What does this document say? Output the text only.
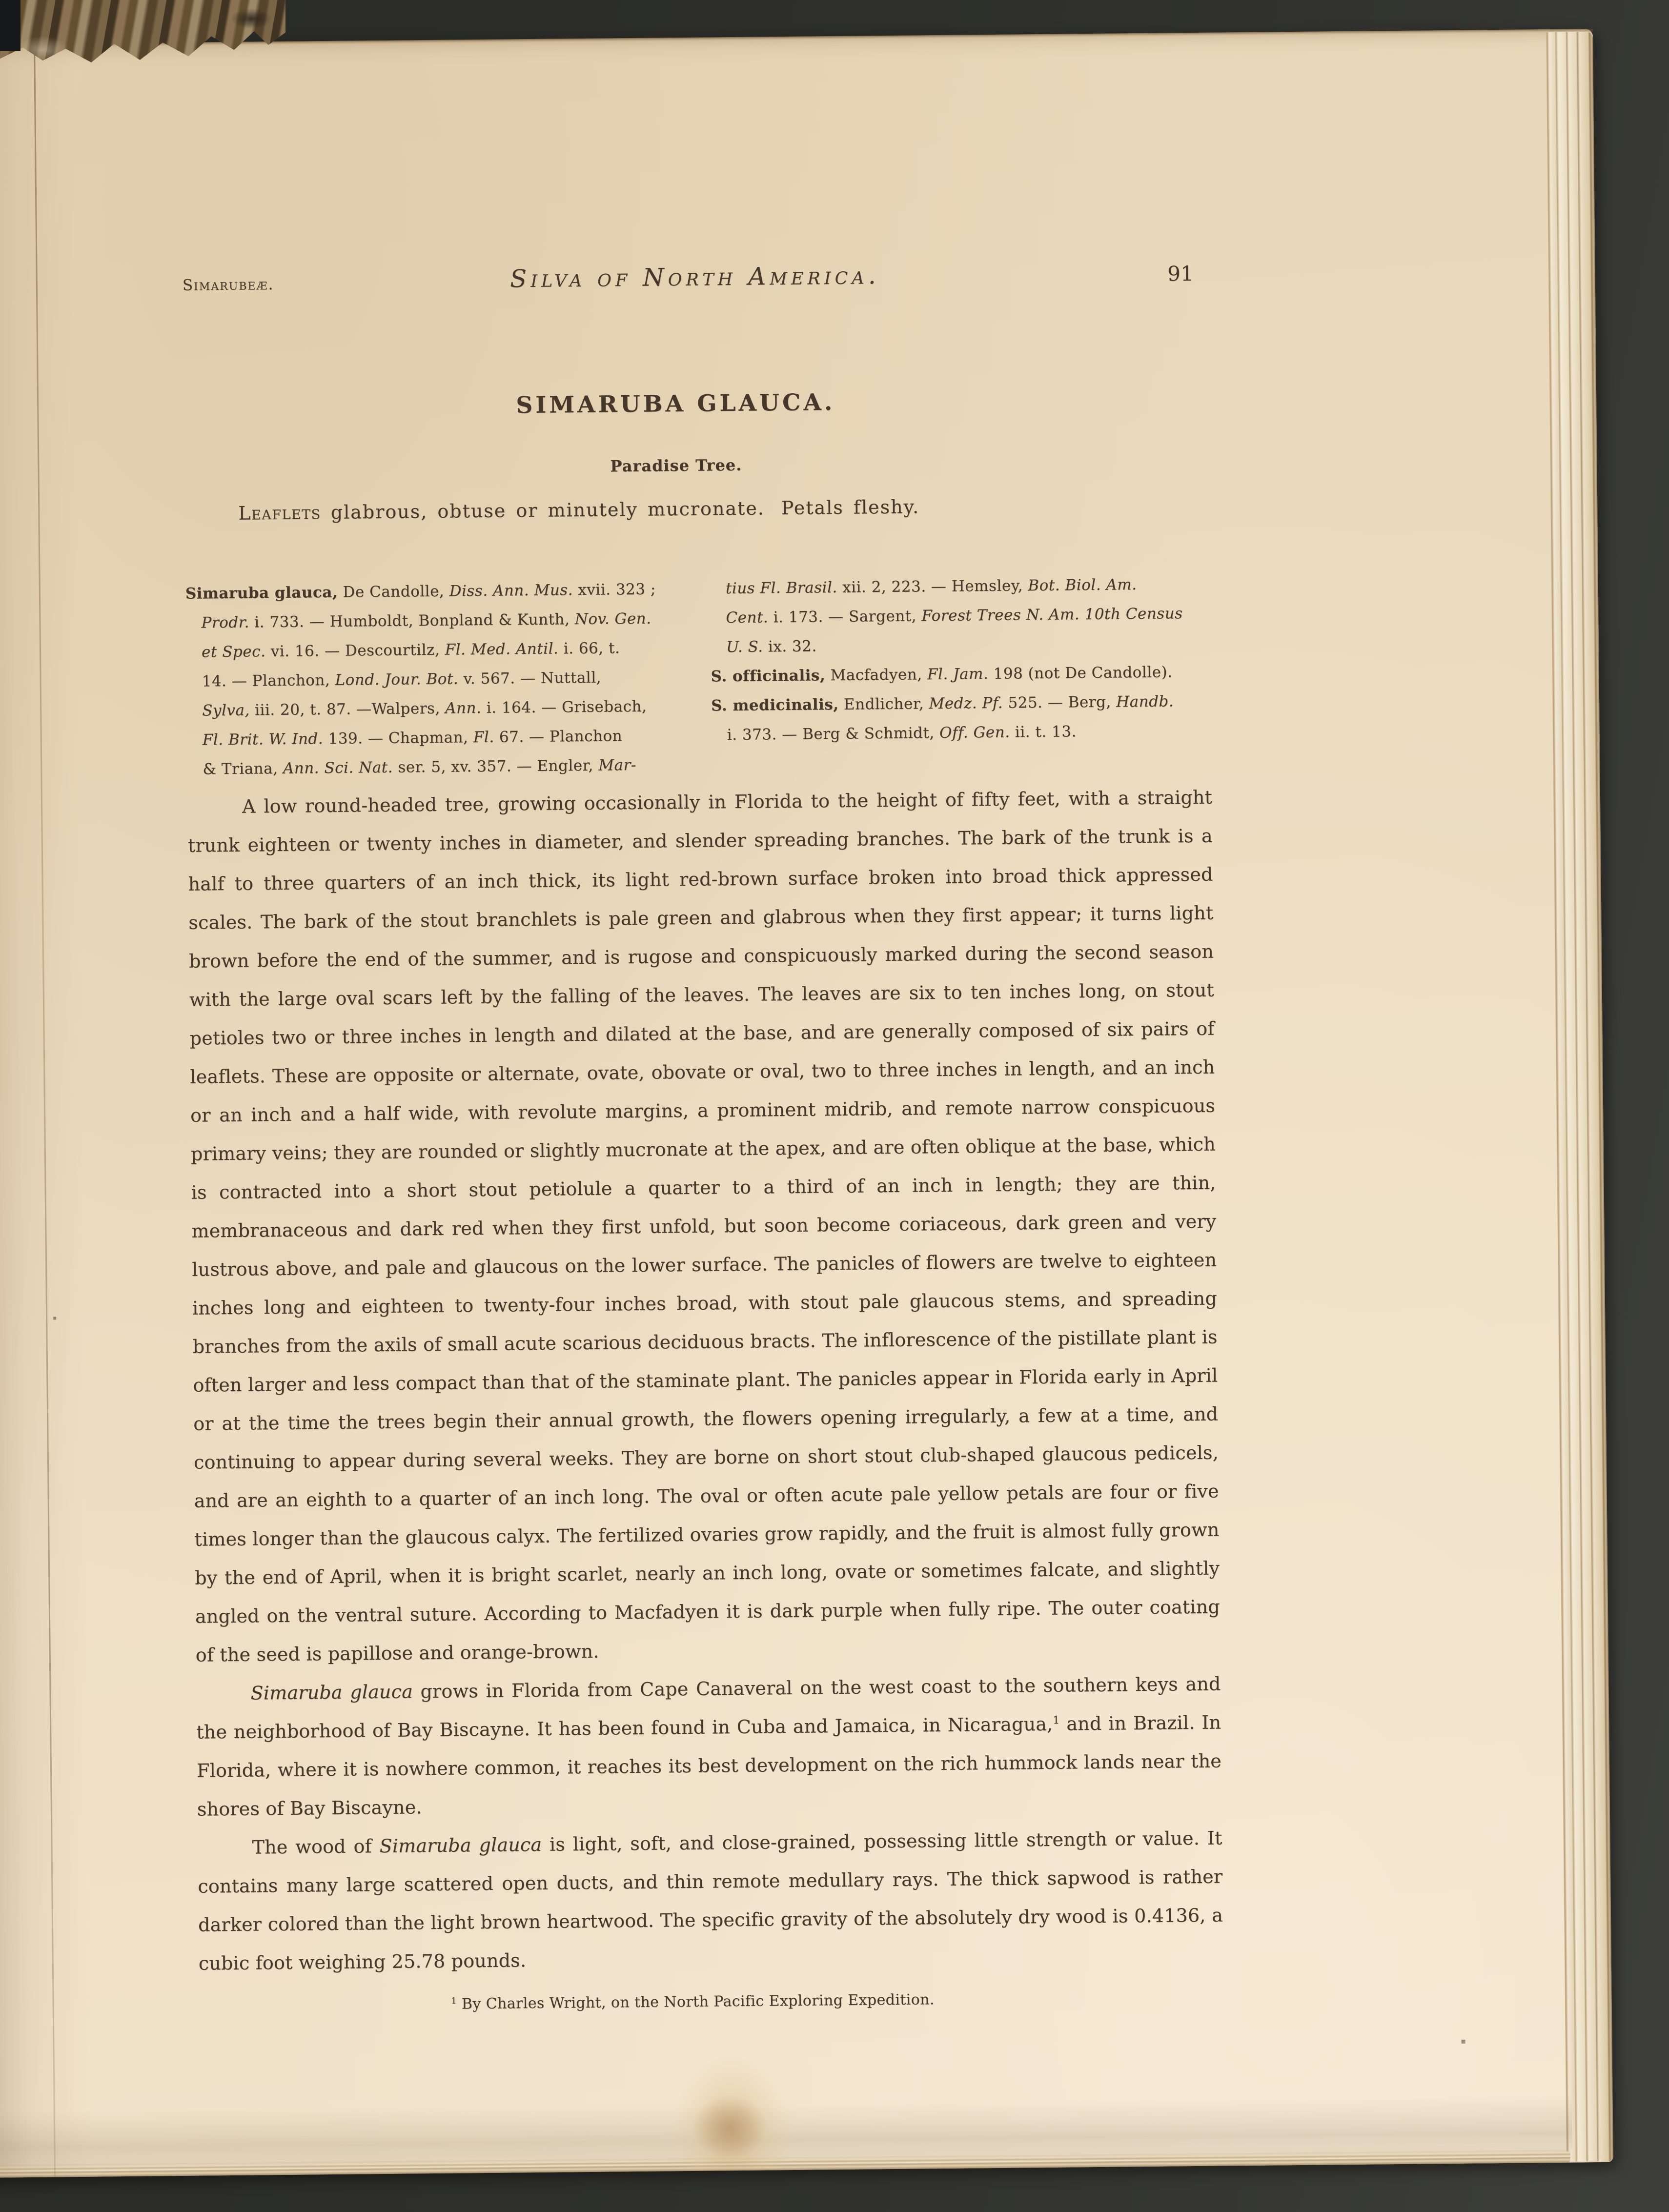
Simarubeæ.	Silva of North America.	91
SIMARUBA GLAUCA.
Paradise Tree.
Leaflets glabrous, obtuse or minutely mucronate. Petals fleshy.
Simaruba glauca, De Candolle, Diss. Ann. Mus. xvii. 323 ;
Prodr. i. 733. — Humboldt, Bonpland & Kunth, Nov. Gen.
et Spec. vi. 16. — Descourtilz, Fl. Med. Antil. i. 66, t.
14. — Planchon, Lond. Jour. Bot. v. 567. — Nuttall,
Sylva, iii. 20, t. 87. —Walpers, Ann. i. 164. — Grisebach,
Fl. Brit. W. Ind. 139. — Chapman, Fl. 67. — Planchon
& Triana, Ann. Sci. Nat. ser. 5, xv. 357. — Engler, Mar-
tius Fl. Brasil. xii. 2, 223. — Hemsley, Bot. Biol. Am.
Cent. i. 173. — Sargent, Forest Trees N. Am. 10th Census
U. S. ix. 32.
S. officinalis, Macfadyen, Fl. Jam. 198 (not De Candolle).
S. medicinalis, Endlicher, Medz. Pf. 525. — Berg, Handb.
i. 373. — Berg & Schmidt, Off. Gen. ii. t. 13.

A low round-headed tree, growing occasionally in Florida to the height of fifty feet, with a straight trunk eighteen or twenty inches in diameter, and slender spreading branches. The bark of the trunk is a half to three quarters of an inch thick, its light red-brown surface broken into broad thick appressed scales. The bark of the stout branchlets is pale green and glabrous when they first appear; it turns light brown before the end of the summer, and is rugose and conspicuously marked during the second season with the large oval scars left by the falling of the leaves. The leaves are six to ten inches long, on stout petioles two or three inches in length and dilated at the base, and are generally composed of six pairs of leaflets. These are opposite or alternate, ovate, obovate or oval, two to three inches in length, and an inch or an inch and a half wide, with revolute margins, a prominent midrib, and remote narrow conspicuous primary veins; they are rounded or slightly mucronate at the apex, and are often oblique at the base, which is contracted into a short stout petiolule a quarter to a third of an inch in length; they are thin, membranaceous and dark red when they first unfold, but soon become coriaceous, dark green and very lustrous above, and pale and glaucous on the lower surface. The panicles of flowers are twelve to eighteen inches long and eighteen to twenty-four inches broad, with stout pale glaucous stems, and spreading branches from the axils of small acute scarious deciduous bracts. The inflorescence of the pistillate plant is often larger and less compact than that of the staminate plant. The panicles appear in Florida early in April or at the time the trees begin their annual growth, the flowers opening irregularly, a few at a time, and continuing to appear during several weeks. They are borne on short stout club-shaped glaucous pedicels, and are an eighth to a quarter of an inch long. The oval or often acute pale yellow petals are four or five times longer than the glaucous calyx. The fertilized ovaries grow rapidly, and the fruit is almost fully grown by the end of April, when it is bright scarlet, nearly an inch long, ovate or sometimes falcate, and slightly angled on the ventral suture. According to Macfadyen it is dark purple when fully ripe. The outer coating of the seed is papillose and orange-brown.

Simaruba glauca grows in Florida from Cape Canaveral on the west coast to the southern keys and the neighborhood of Bay Biscayne. It has been found in Cuba and Jamaica, in Nicaragua,$^1$ and in Brazil. In Florida, where it is nowhere common, it reaches its best development on the rich hummock lands near the shores of Bay Biscayne.

The wood of Simaruba glauca is light, soft, and close-grained, possessing little strength or value. It contains many large scattered open ducts, and thin remote medullary rays. The thick sapwood is rather darker colored than the light brown heartwood. The specific gravity of the absolutely dry wood is 0.4136, a cubic foot weighing 25.78 pounds.

$^1$ By Charles Wright, on the North Pacific Exploring Expedition.
